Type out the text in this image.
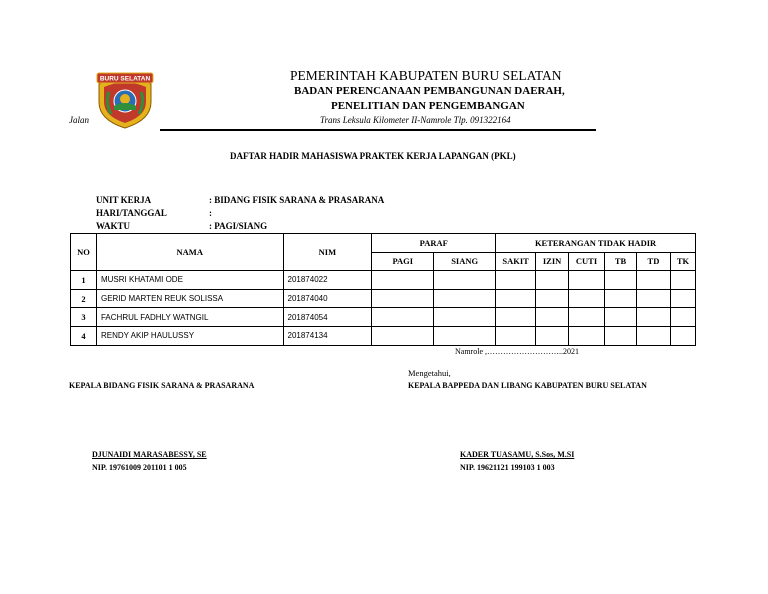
BURU SELATAN	PEMERINTAH KABUPATEN BURU SELATAN
BADAN PERENCANAAN PEMBANGUNAN DAERAH,
PENELITIAN DAN PENGEMBANGAN
Jalan	Trans Leksula Kilometer II-Namrole Tlp. 091322164
DAFTAR HADIR MAHASISWA PRAKTEK KERJA LAPANGAN (PKL)
UNIT KERJA	: BIDANG FISIK SARANA & PRASARANA
HARI/TANGGAL	:
WAKTU	: PAGI/SIANG
NO	NAMA	NIM	PARAF		KETERANGAN TIDAK HADIR					
			PAGI	SIANG	SAKIT	IZIN	CUTI	TB	TD	TK
1	MUSRI KHATAMI ODE	201874022								
2	GERID MARTEN REUK SOLISSA	201874040								
3	FACHRUL FADHLY WATNGIL	201874054								
4	RENDY AKIP HAULUSSY	201874134								
Namrole ,………………………..2021
Mengetahui,
KEPALA BIDANG FISIK SARANA & PRASARANA	KEPALA BAPPEDA DAN LIBANG KABUPATEN BURU SELATAN
DJUNAIDI MARASABESSY, SE
NIP. 19761009 201101 1 005
KADER TUASAMU, S.Sos, M.SI
NIP. 19621121 199103 1 003
